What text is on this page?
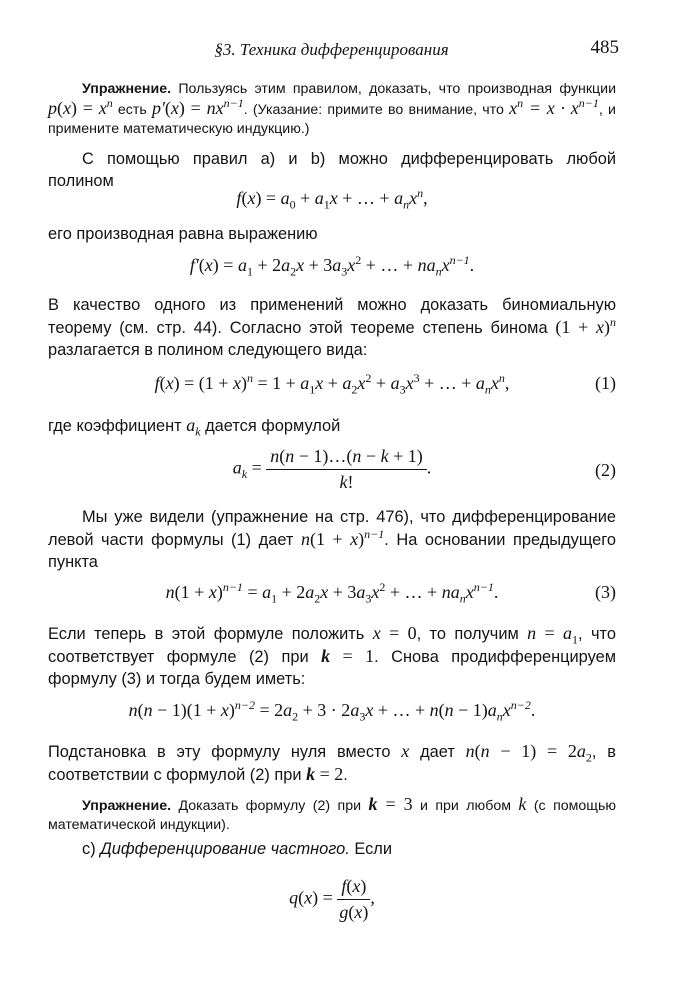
§3. Техника дифференцирования	485
Упражнение. Пользуясь этим правилом, доказать, что производная функции $p(x) = x^n$ есть $p'(x) = nx^{n-1}$. (Указание: примите во внимание, что $x^n = x \cdot x^{n-1}$, и примените математическую индукцию.)
С помощью правил a) и b) можно дифференцировать любой полином
$f(x) = a_0 + a_1x$ + … + $a_nx^n$,
его производная равна выражению
$f'(x) = a_1 + 2a_2x + 3a_3x^2$ + … + $na_nx^{n-1}$.
В качество одного из применений можно доказать биномиальную теорему (см. стр. 44). Согласно этой теореме степень бинома $(1 + x)^n$ разлагается в полином следующего вида:
$f(x) = (1 + x)^n = 1 + a_1x + a_2x^2 + a_3x^3$ + … + $a_nx^n$,	(1)
где коэффициент $a_k$ дается формулой
$a_k = \frac{n(n - 1)\dots(n - k + 1)}{k!}$ .	(2)
Мы уже видели (упражнение на стр. 476), что дифференцирование левой части формулы (1) дает $n(1 + x)^{n-1}$. На основании предыдущего пункта
$n(1 + x)^{n-1} = a_1 + 2a_2x + 3a_3x^2$ + … + $na_nx^{n-1}$.	(3)
Если теперь в этой формуле положить x = 0, то получим $n = a_1$, что соответствует формуле (2) при k = 1. Снова продифференцируем формулу (3) и тогда будем иметь:
$n(n - 1)(1 + x)^{n-2} = 2a_2 + 3 \cdot 2a_3x$ + … + $n(n - 1)a_nx^{n-2}$.
Подстановка в эту формулу нуля вместо x дает $n(n - 1) = 2a_2$, в соответствии с формулой (2) при k = 2.
Упражнение. Доказать формулу (2) при k = 3 и при любом k (с помощью математической индукции).
c) Дифференцирование частного. Если
$q(x) = \frac{f(x)}{g(x)}$ ,
